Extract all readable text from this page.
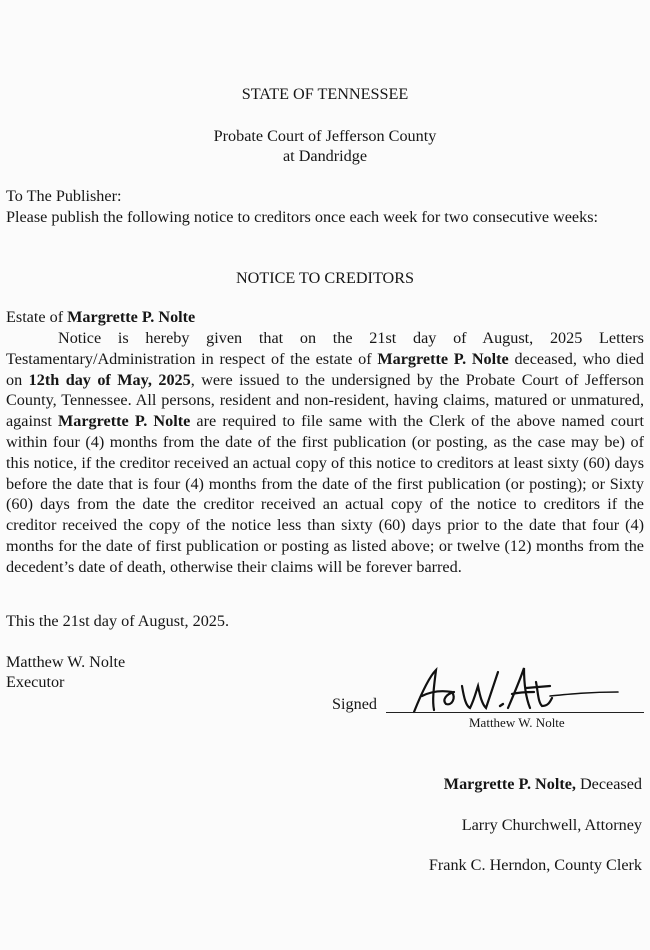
STATE OF TENNESSEE
Probate Court of Jefferson County
at Dandridge
To The Publisher:
Please publish the following notice to creditors once each week for two consecutive weeks:
NOTICE TO CREDITORS
Estate of Margrette P. Nolte
Notice is hereby given that on the 21st day of August, 2025 Letters Testamentary/Administration in respect of the estate of Margrette P. Nolte deceased, who died on 12th day of May, 2025, were issued to the undersigned by the Probate Court of Jefferson County, Tennessee. All persons, resident and non-resident, having claims, matured or unmatured, against Margrette P. Nolte are required to file same with the Clerk of the above named court within four (4) months from the date of the first publication (or posting, as the case may be) of this notice, if the creditor received an actual copy of this notice to creditors at least sixty (60) days before the date that is four (4) months from the date of the first publication (or posting); or Sixty (60) days from the date the creditor received an actual copy of the notice to creditors if the creditor received the copy of the notice less than sixty (60) days prior to the date that four (4) months for the date of first publication or posting as listed above; or twelve (12) months from the decedent’s date of death, otherwise their claims will be forever barred.
This the 21st day of August, 2025.
Matthew W. Nolte
Executor
Signed
Matthew W. Nolte
Margrette P. Nolte, Deceased
Larry Churchwell, Attorney
Frank C. Herndon, County Clerk
